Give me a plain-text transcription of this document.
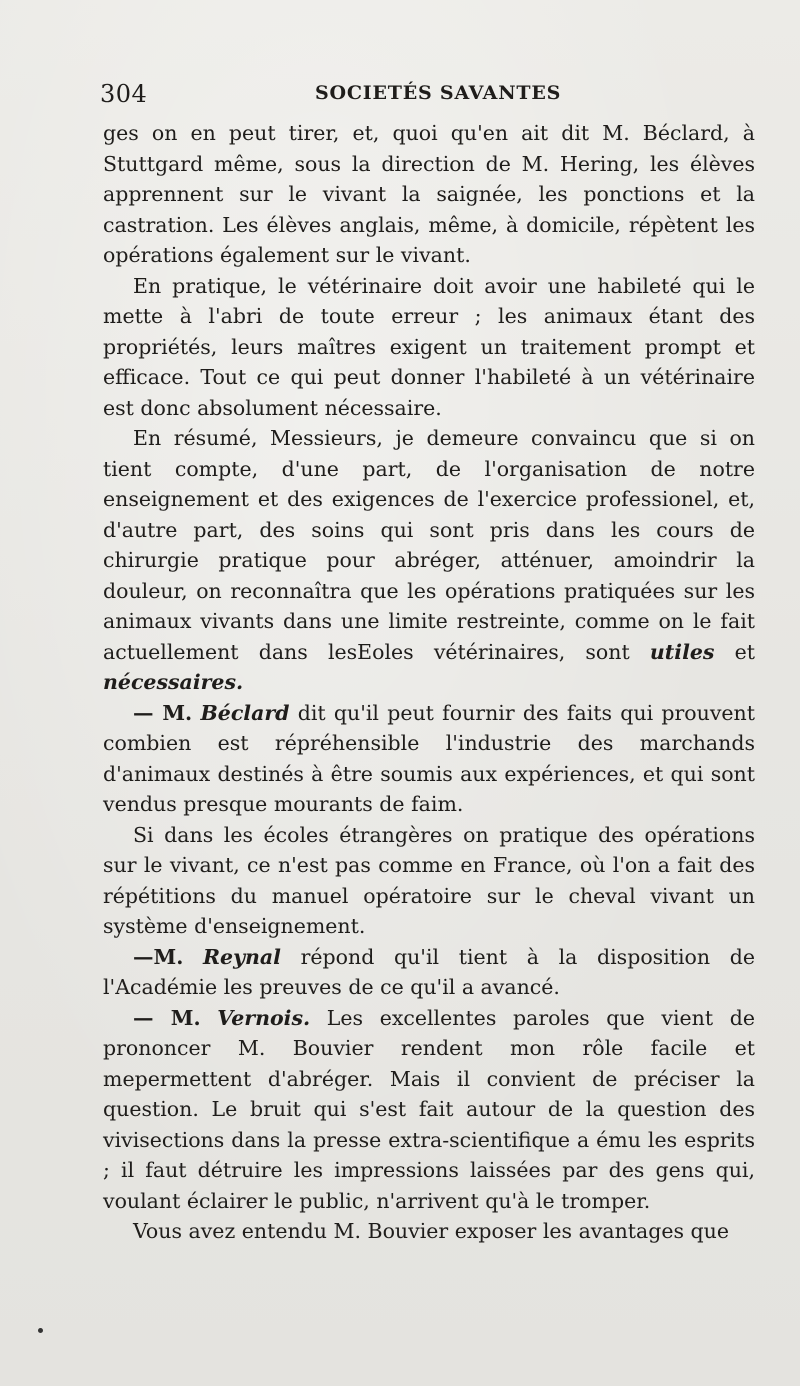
304	SOCIETÉS SAVANTES

ges on en peut tirer, et, quoi qu'en ait dit M. Béclard, à Stuttgard même, sous la direction de M. Hering, les élèves apprennent sur le vivant la saignée, les ponctions et la castration. Les élèves anglais, même, à domicile, répètent les opérations également sur le vivant.

En pratique, le vétérinaire doit avoir une habileté qui le mette à l'abri de toute erreur ; les animaux étant des propriétés, leurs maîtres exigent un traitement prompt et efficace. Tout ce qui peut donner l'habileté à un vétérinaire est donc absolument nécessaire.

En résumé, Messieurs, je demeure convaincu que si on tient compte, d'une part, de l'organisation de notre enseignement et des exigences de l'exercice professionel, et, d'autre part, des soins qui sont pris dans les cours de chirurgie pratique pour abréger, atténuer, amoindrir la douleur, on reconnaîtra que les opérations pratiquées sur les animaux vivants dans une limite restreinte, comme on le fait actuellement dans lesEoles vétérinaires, sont utiles et nécessaires.

— M. Béclard dit qu'il peut fournir des faits qui prouvent combien est répréhensible l'industrie des marchands d'animaux destinés à être soumis aux expériences, et qui sont vendus presque mourants de faim.

Si dans les écoles étrangères on pratique des opérations sur le vivant, ce n'est pas comme en France, où l'on a fait des répétitions du manuel opératoire sur le cheval vivant un système d'enseignement.

—M. Reynal répond qu'il tient à la disposition de l'Académie les preuves de ce qu'il a avancé.

— M. Vernois. Les excellentes paroles que vient de prononcer M. Bouvier rendent mon rôle facile et mepermettent d'abréger. Mais il convient de préciser la question. Le bruit qui s'est fait autour de la question des vivisections dans la presse extra-scientifique a ému les esprits ; il faut détruire les impressions laissées par des gens qui, voulant éclairer le public, n'arrivent qu'à le tromper.

Vous avez entendu M. Bouvier exposer les avantages que
